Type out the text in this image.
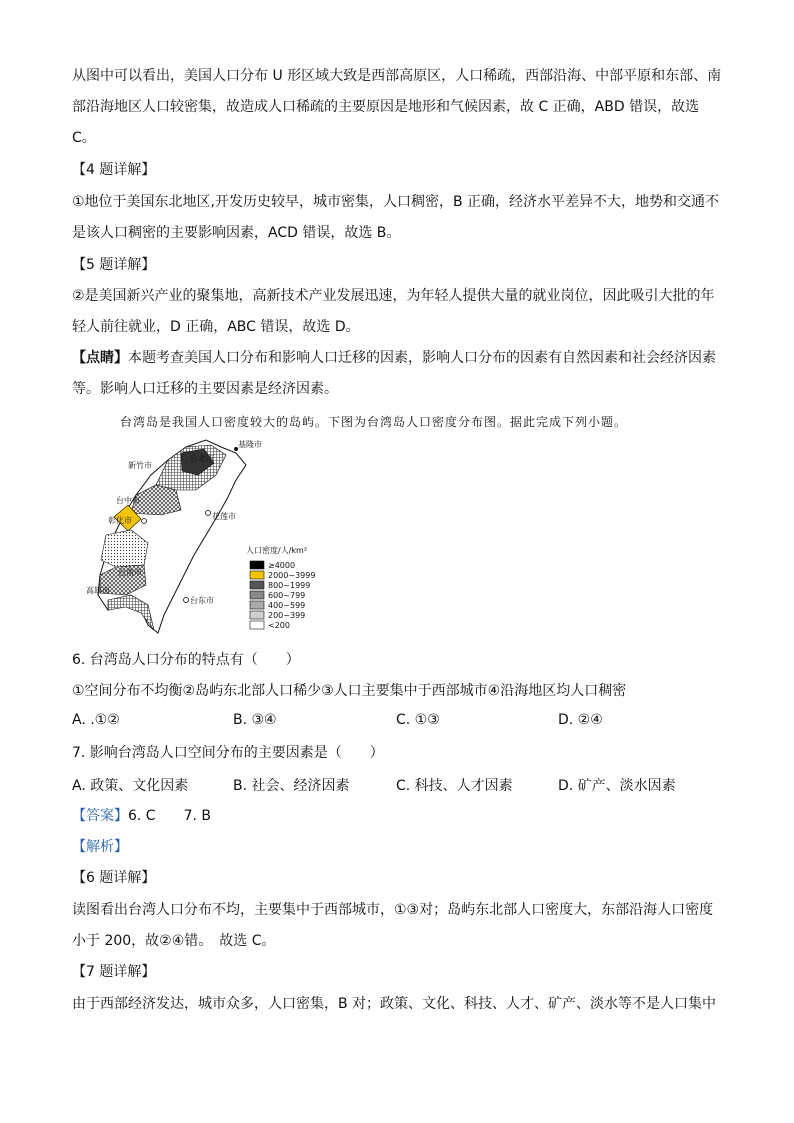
从图中可以看出，美国人口分布 U 形区域大致是西部高原区，人口稀疏，西部沿海、中部平原和东部、南
部沿海地区人口较密集，故造成人口稀疏的主要原因是地形和气候因素，故 C 正确，ABD 错误，故选
C。
【4 题详解】
①地位于美国东北地区,开发历史较早，城市密集，人口稠密，B 正确，经济水平差异不大，地势和交通不
是该人口稠密的主要影响因素，ACD 错误，故选 B。
【5 题详解】
②是美国新兴产业的聚集地，高新技术产业发展迅速，为年轻人提供大量的就业岗位，因此吸引大批的年
轻人前往就业，D 正确，ABC 错误，故选 D。
【点睛】本题考查美国人口分布和影响人口迁移的因素，影响人口分布的因素有自然因素和社会经济因素
等。影响人口迁移的主要因素是经济因素。
台湾岛是我国人口密度较大的岛屿。下图为台湾岛人口密度分布图。据此完成下列小题。
基隆市
台北市
新竹市
台中市
彰化市	花莲市
台南市
高雄市
台东市
人口密度/人/km²
≥4000
2000~3999
800~1999
600~799
400~599
200~399
<200
6. 台湾岛人口分布的特点有（　　）
①空间分布不均衡②岛屿东北部人口稀少③人口主要集中于西部城市④沿海地区均人口稠密
A. .①②	B. ③④	C. ①③	D. ②④
7. 影响台湾岛人口空间分布的主要因素是（　　）
A. 政策、文化因素	B. 社会、经济因素	C. 科技、人才因素	D. 矿产、淡水因素
【答案】6. C　　7. B
【解析】
【6 题详解】
读图看出台湾人口分布不均，主要集中于西部城市，①③对；岛屿东北部人口密度大，东部沿海人口密度
小于 200，故②④错。　故选 C。
【7 题详解】
由于西部经济发达，城市众多，人口密集，B 对；政策、文化、科技、人才、矿产、淡水等不是人口集中
